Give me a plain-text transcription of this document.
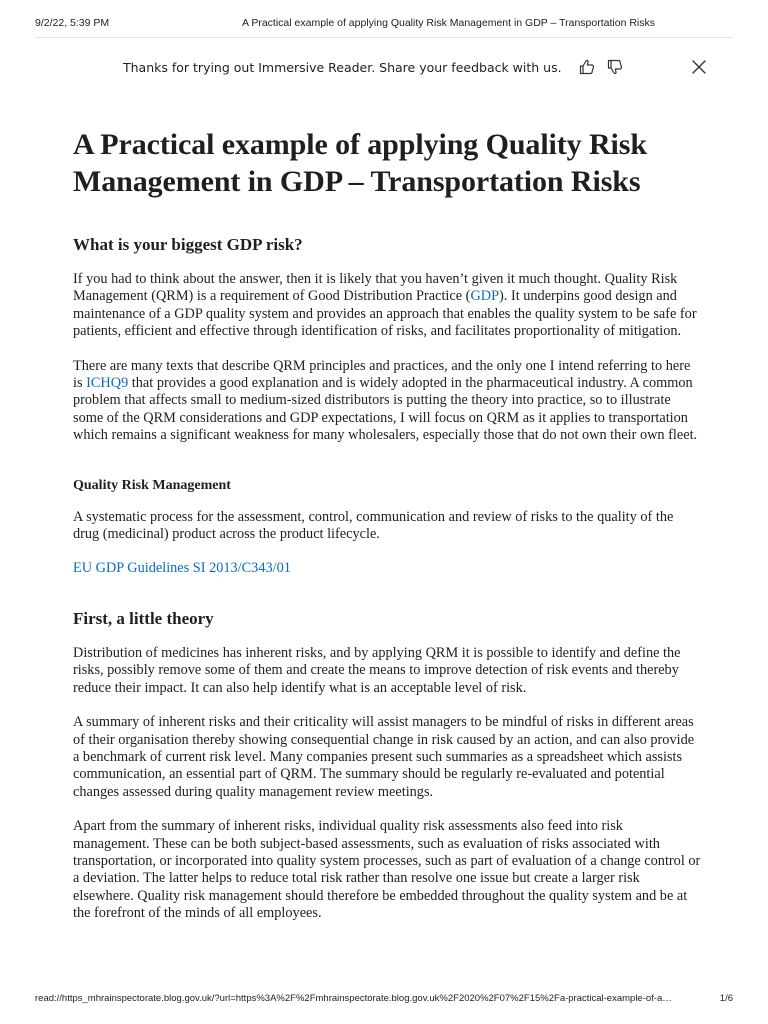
9/2/22, 5:39 PM	A Practical example of applying Quality Risk Management in GDP – Transportation Risks
Thanks for trying out Immersive Reader. Share your feedback with us.
A Practical example of applying Quality Risk Management in GDP – Transportation Risks
What is your biggest GDP risk?

If you had to think about the answer, then it is likely that you haven’t given it much thought. Quality Risk Management (QRM) is a requirement of Good Distribution Practice (GDP). It underpins good design and maintenance of a GDP quality system and provides an approach that enables the quality system to be safe for patients, efficient and effective through identification of risks, and facilitates proportionality of mitigation.

There are many texts that describe QRM principles and practices, and the only one I intend referring to here is ICHQ9 that provides a good explanation and is widely adopted in the pharmaceutical industry. A common problem that affects small to medium-sized distributors is putting the theory into practice, so to illustrate some of the QRM considerations and GDP expectations, I will focus on QRM as it applies to transportation which remains a significant weakness for many wholesalers, especially those that do not own their own fleet.

Quality Risk Management

A systematic process for the assessment, control, communication and review of risks to the quality of the drug (medicinal) product across the product lifecycle.

EU GDP Guidelines SI 2013/C343/01

First, a little theory

Distribution of medicines has inherent risks, and by applying QRM it is possible to identify and define the risks, possibly remove some of them and create the means to improve detection of risk events and thereby reduce their impact. It can also help identify what is an acceptable level of risk.

A summary of inherent risks and their criticality will assist managers to be mindful of risks in different areas of their organisation thereby showing consequential change in risk caused by an action, and can also provide a benchmark of current risk level. Many companies present such summaries as a spreadsheet which assists communication, an essential part of QRM. The summary should be regularly re-evaluated and potential changes assessed during quality management review meetings.

Apart from the summary of inherent risks, individual quality risk assessments also feed into risk management. These can be both subject-based assessments, such as evaluation of risks associated with transportation, or incorporated into quality system processes, such as part of evaluation of a change control or a deviation. The latter helps to reduce total risk rather than resolve one issue but create a larger risk elsewhere. Quality risk management should therefore be embedded throughout the quality system and be at the forefront of the minds of all employees.

read://https_mhrainspectorate.blog.gov.uk/?url=https%3A%2F%2Fmhrainspectorate.blog.gov.uk%2F2020%2F07%2F15%2Fa-practical-example-of-a…	1/6
